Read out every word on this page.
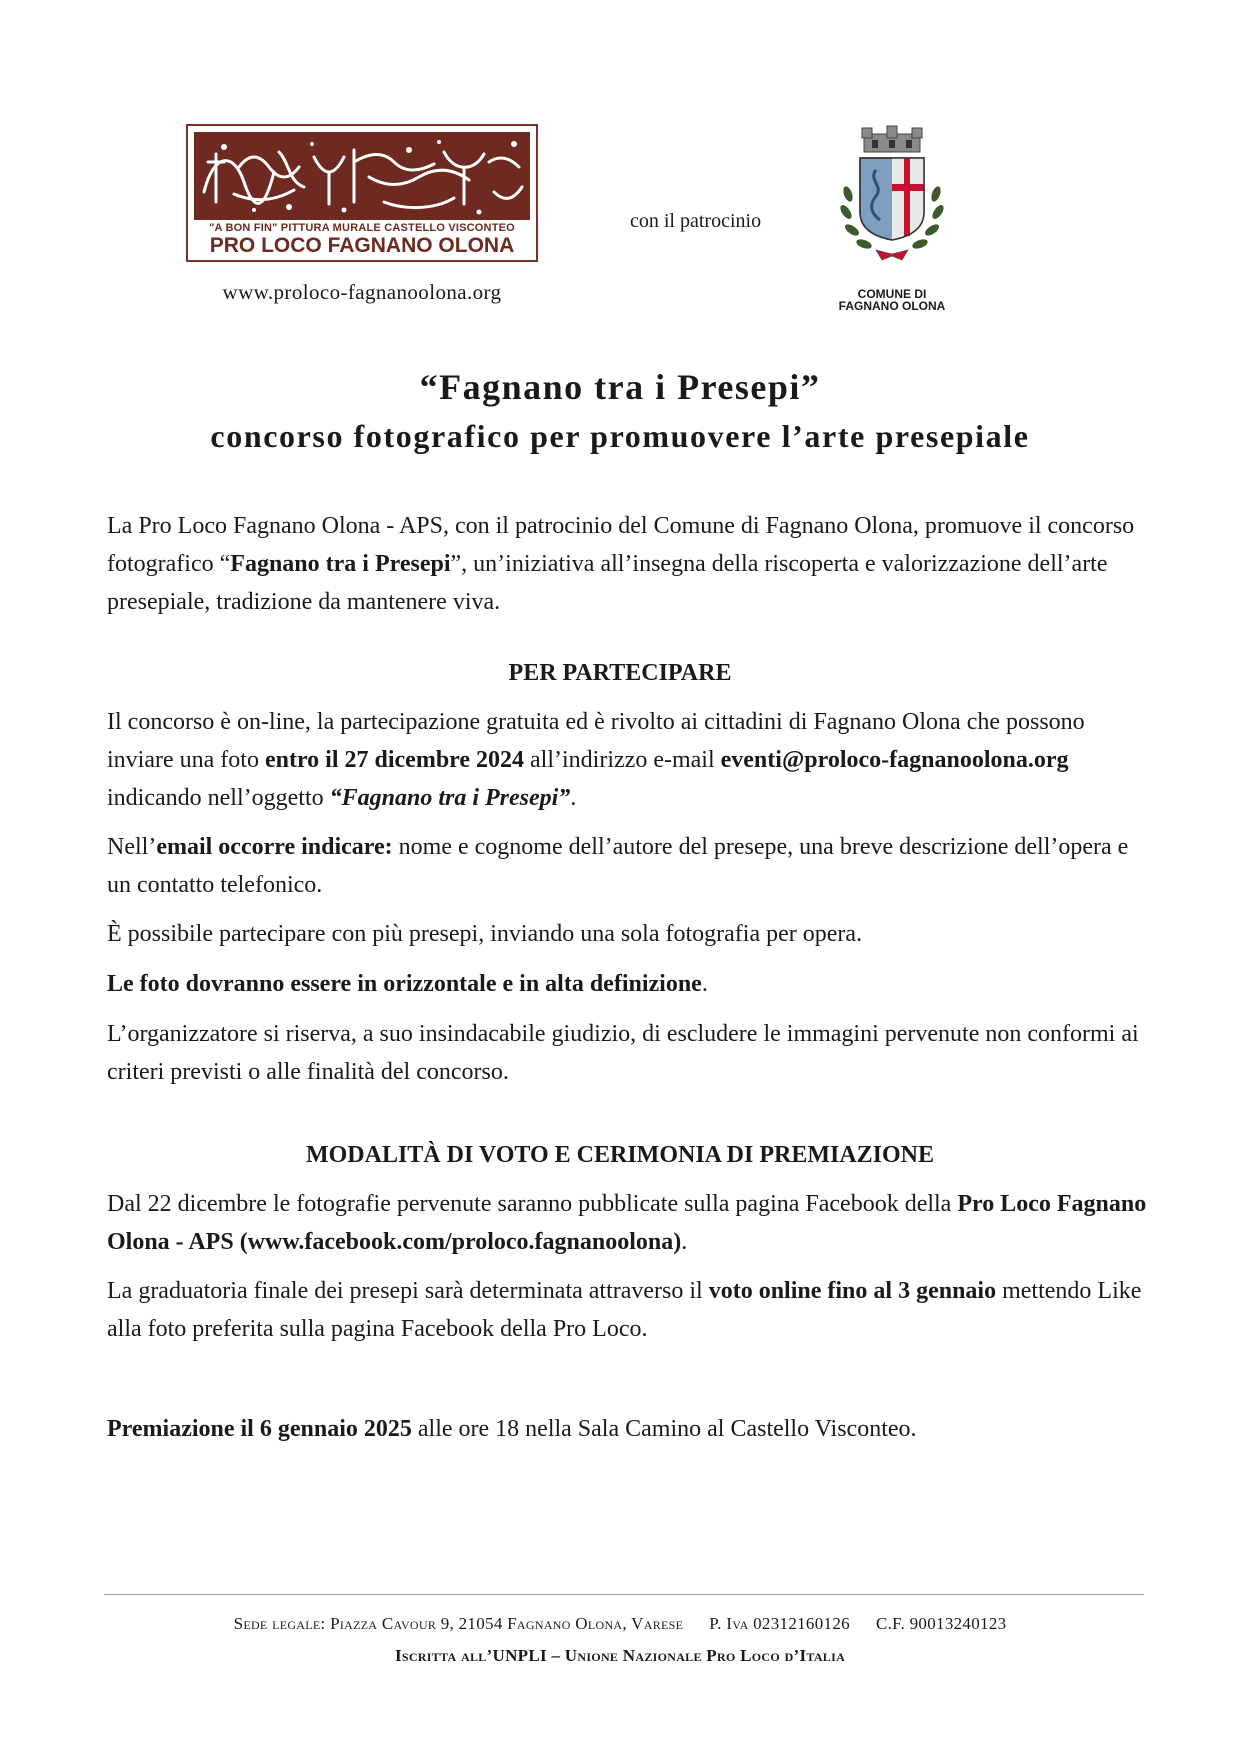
"A BON FIN" PITTURA MURALE CASTELLO VISCONTEO
PRO LOCO FAGNANO OLONA
www.proloco-fagnanoolona.org
con il patrocinio
COMUNE DI
FAGNANO OLONA
“Fagnano tra i Presepi”
concorso fotografico per promuovere l’arte presepiale

La Pro Loco Fagnano Olona - APS, con il patrocinio del Comune di Fagnano Olona, promuove il concorso fotografico “Fagnano tra i Presepi”, un’iniziativa all’insegna della riscoperta e valorizzazione dell’arte presepiale, tradizione da mantenere viva.

PER PARTECIPARE

Il concorso è on-line, la partecipazione gratuita ed è rivolto ai cittadini di Fagnano Olona che possono inviare una foto entro il 27 dicembre 2024 all’indirizzo e-mail eventi@proloco-fagnanoolona.org indicando nell’oggetto “Fagnano tra i Presepi”.

Nell’email occorre indicare: nome e cognome dell’autore del presepe, una breve descrizione dell’opera e un contatto telefonico.

È possibile partecipare con più presepi, inviando una sola fotografia per opera.

Le foto dovranno essere in orizzontale e in alta definizione.

L’organizzatore si riserva, a suo insindacabile giudizio, di escludere le immagini pervenute non conformi ai criteri previsti o alle finalità del concorso.

MODALITÀ DI VOTO E CERIMONIA DI PREMIAZIONE

Dal 22 dicembre le fotografie pervenute saranno pubblicate sulla pagina Facebook della Pro Loco Fagnano Olona - APS (www.facebook.com/proloco.fagnanoolona).

La graduatoria finale dei presepi sarà determinata attraverso il voto online fino al 3 gennaio mettendo Like alla foto preferita sulla pagina Facebook della Pro Loco.

Premiazione il 6 gennaio 2025 alle ore 18 nella Sala Camino al Castello Visconteo.

Sede legale: Piazza Cavour 9, 21054 Fagnano Olona, Varese P. Iva 02312160126 C.F. 90013240123
Iscritta all’UNPLI – Unione Nazionale Pro Loco d’Italia
